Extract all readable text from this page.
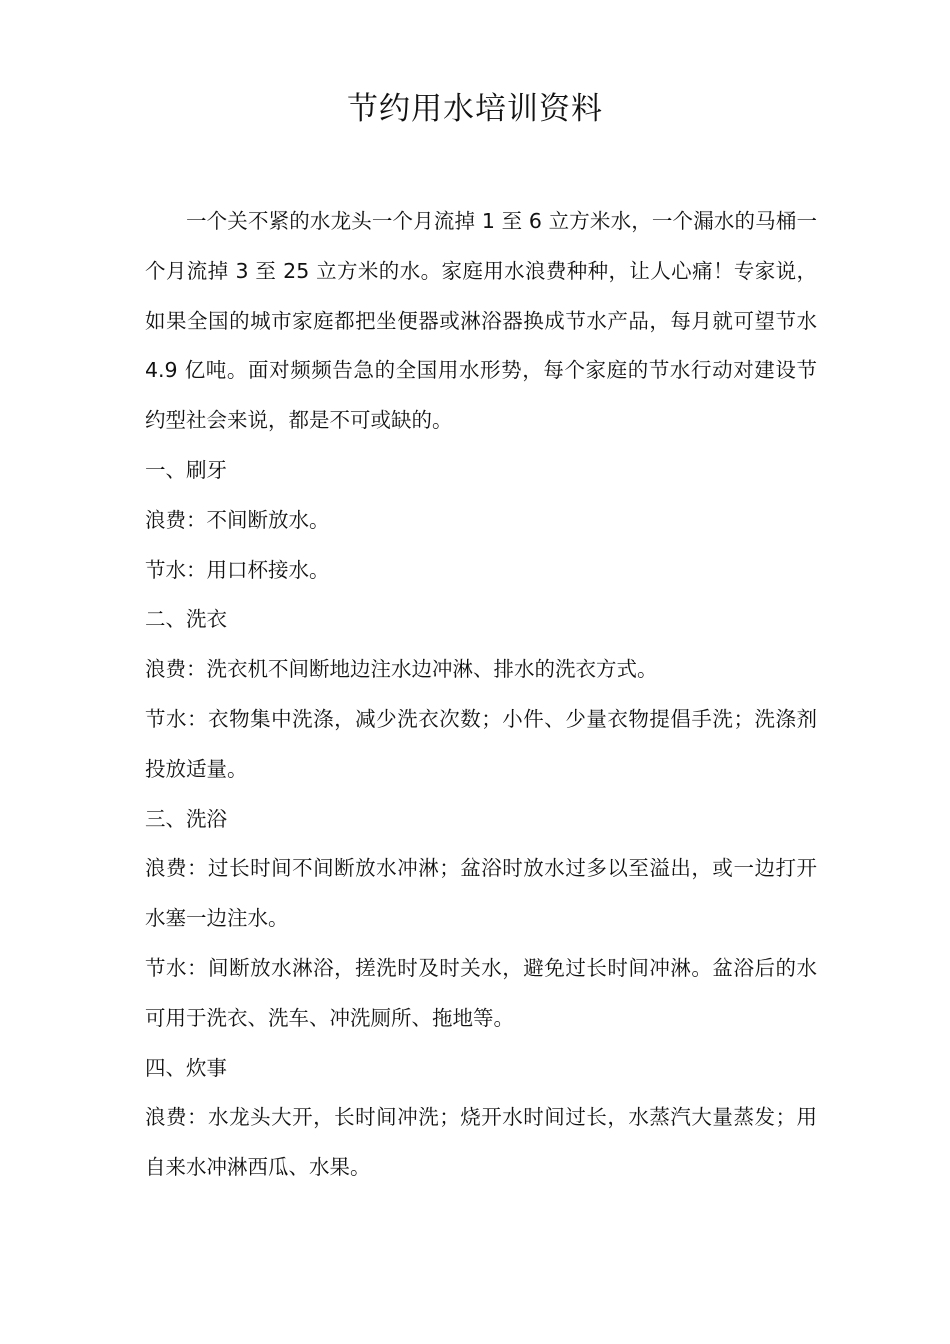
节约用水培训资料

一个关不紧的水龙头一个月流掉 1 至 6 立方米水，一个漏水的马桶一个月流掉 3 至 25 立方米的水。家庭用水浪费种种，让人心痛！专家说，如果全国的城市家庭都把坐便器或淋浴器换成节水产品，每月就可望节水 4.9 亿吨。面对频频告急的全国用水形势，每个家庭的节水行动对建设节约型社会来说，都是不可或缺的。

一、刷牙

浪费：不间断放水。

节水：用口杯接水。

二、洗衣

浪费：洗衣机不间断地边注水边冲淋、排水的洗衣方式。

节水：衣物集中洗涤，减少洗衣次数；小件、少量衣物提倡手洗；洗涤剂投放适量。

三、洗浴

浪费：过长时间不间断放水冲淋；盆浴时放水过多以至溢出，或一边打开水塞一边注水。

节水：间断放水淋浴，搓洗时及时关水，避免过长时间冲淋。盆浴后的水可用于洗衣、洗车、冲洗厕所、拖地等。

四、炊事

浪费：水龙头大开，长时间冲洗；烧开水时间过长，水蒸汽大量蒸发；用自来水冲淋西瓜、水果。
